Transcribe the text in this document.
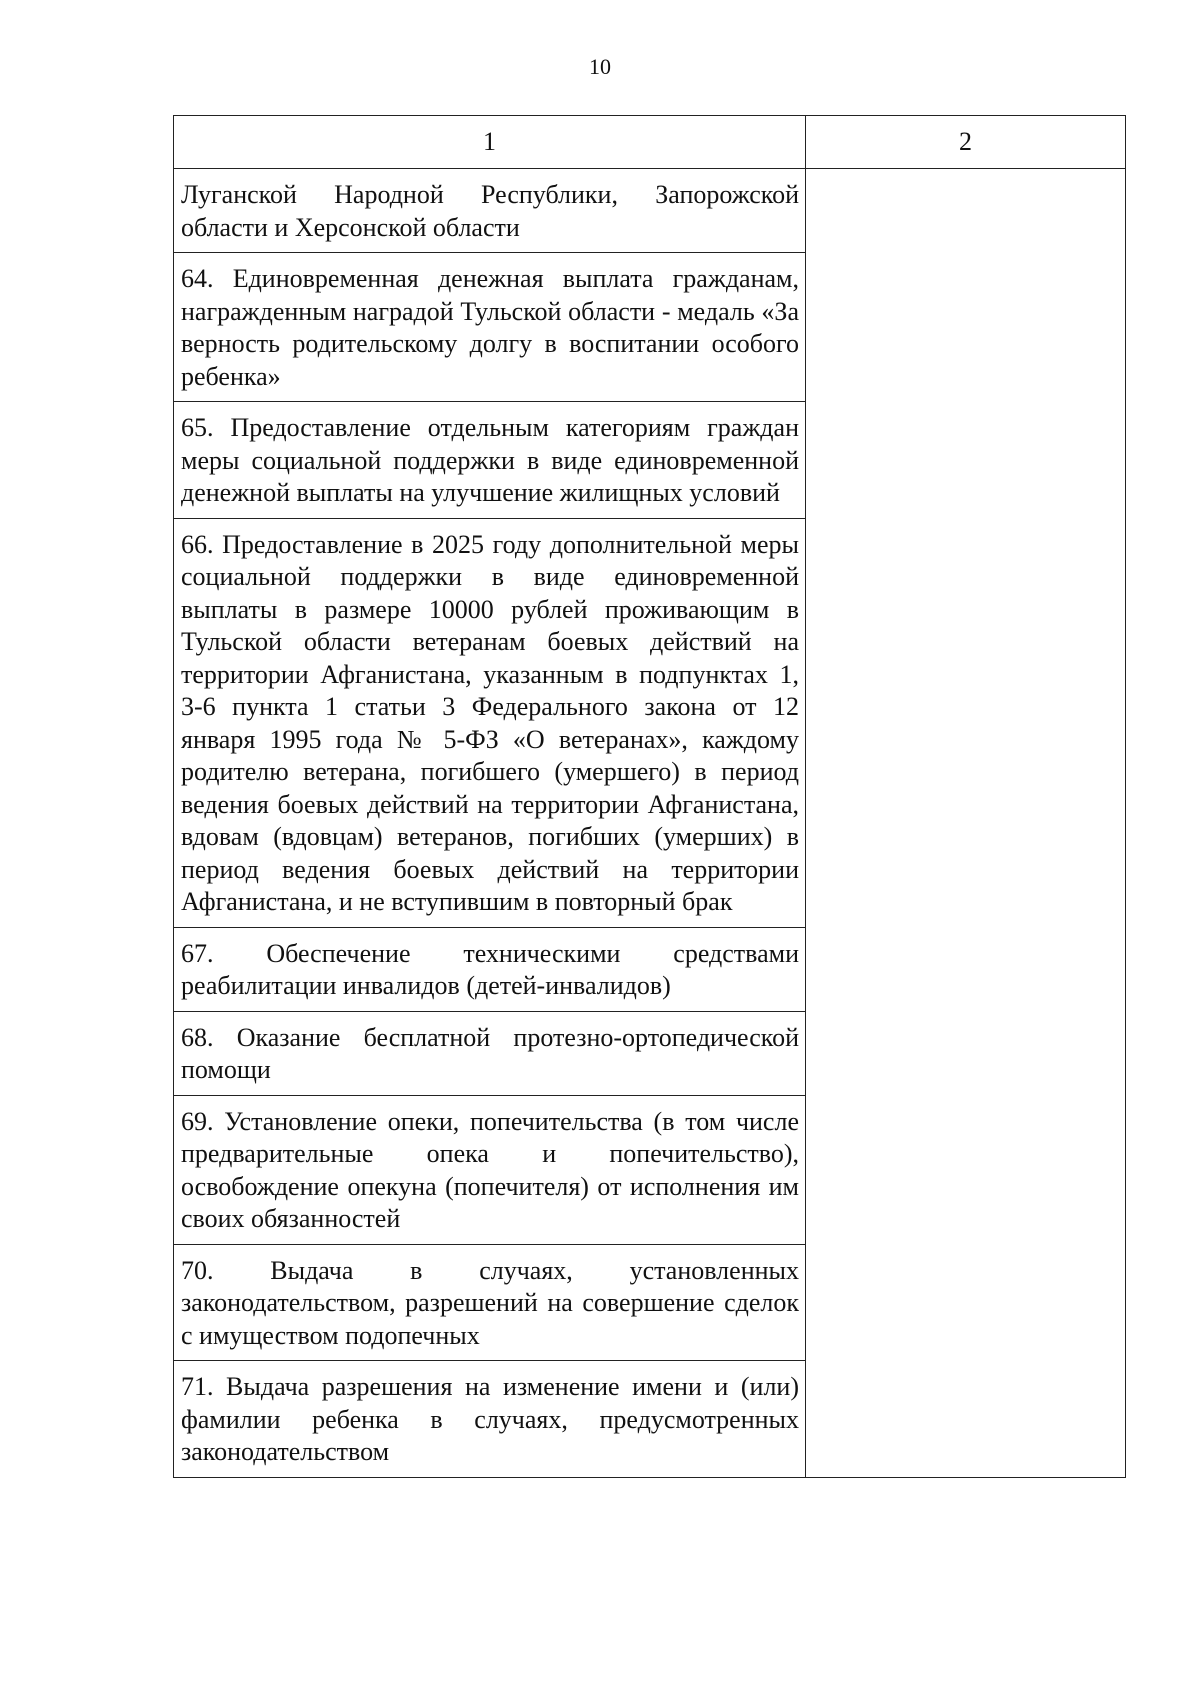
10
1	2
Луганской Народной Республики, Запорожской области и Херсонской области	
64. Единовременная денежная выплата гражданам, награжденным наградой Тульской области - медаль «За верность родительскому долгу в воспитании особого ребенка»	
65. Предоставление отдельным категориям граждан меры социальной поддержки в виде единовременной денежной выплаты на улучшение жилищных условий	
66. Предоставление в 2025 году дополнительной меры социальной поддержки в виде единовременной выплаты в размере 10000 рублей проживающим в Тульской области ветеранам боевых действий на территории Афганистана, указанным в подпунктах 1, 3-6 пункта 1 статьи 3 Федерального закона от 12 января 1995 года № 5-ФЗ «О ветеранах», каждому родителю ветерана, погибшего (умершего) в период ведения боевых действий на территории Афганистана, вдовам (вдовцам) ветеранов, погибших (умерших) в период ведения боевых действий на территории Афганистана, и не вступившим в повторный брак	
67. Обеспечение техническими средствами реабилитации инвалидов (детей-инвалидов)	
68. Оказание бесплатной протезно-ортопедической помощи	
69. Установление опеки, попечительства (в том числе предварительные опека и попечительство), освобождение опекуна (попечителя) от исполнения им своих обязанностей	
70. Выдача в случаях, установленных законодательством, разрешений на совершение сделок с имуществом подопечных	
71. Выдача разрешения на изменение имени и (или) фамилии ребенка в случаях, предусмотренных законодательством	
